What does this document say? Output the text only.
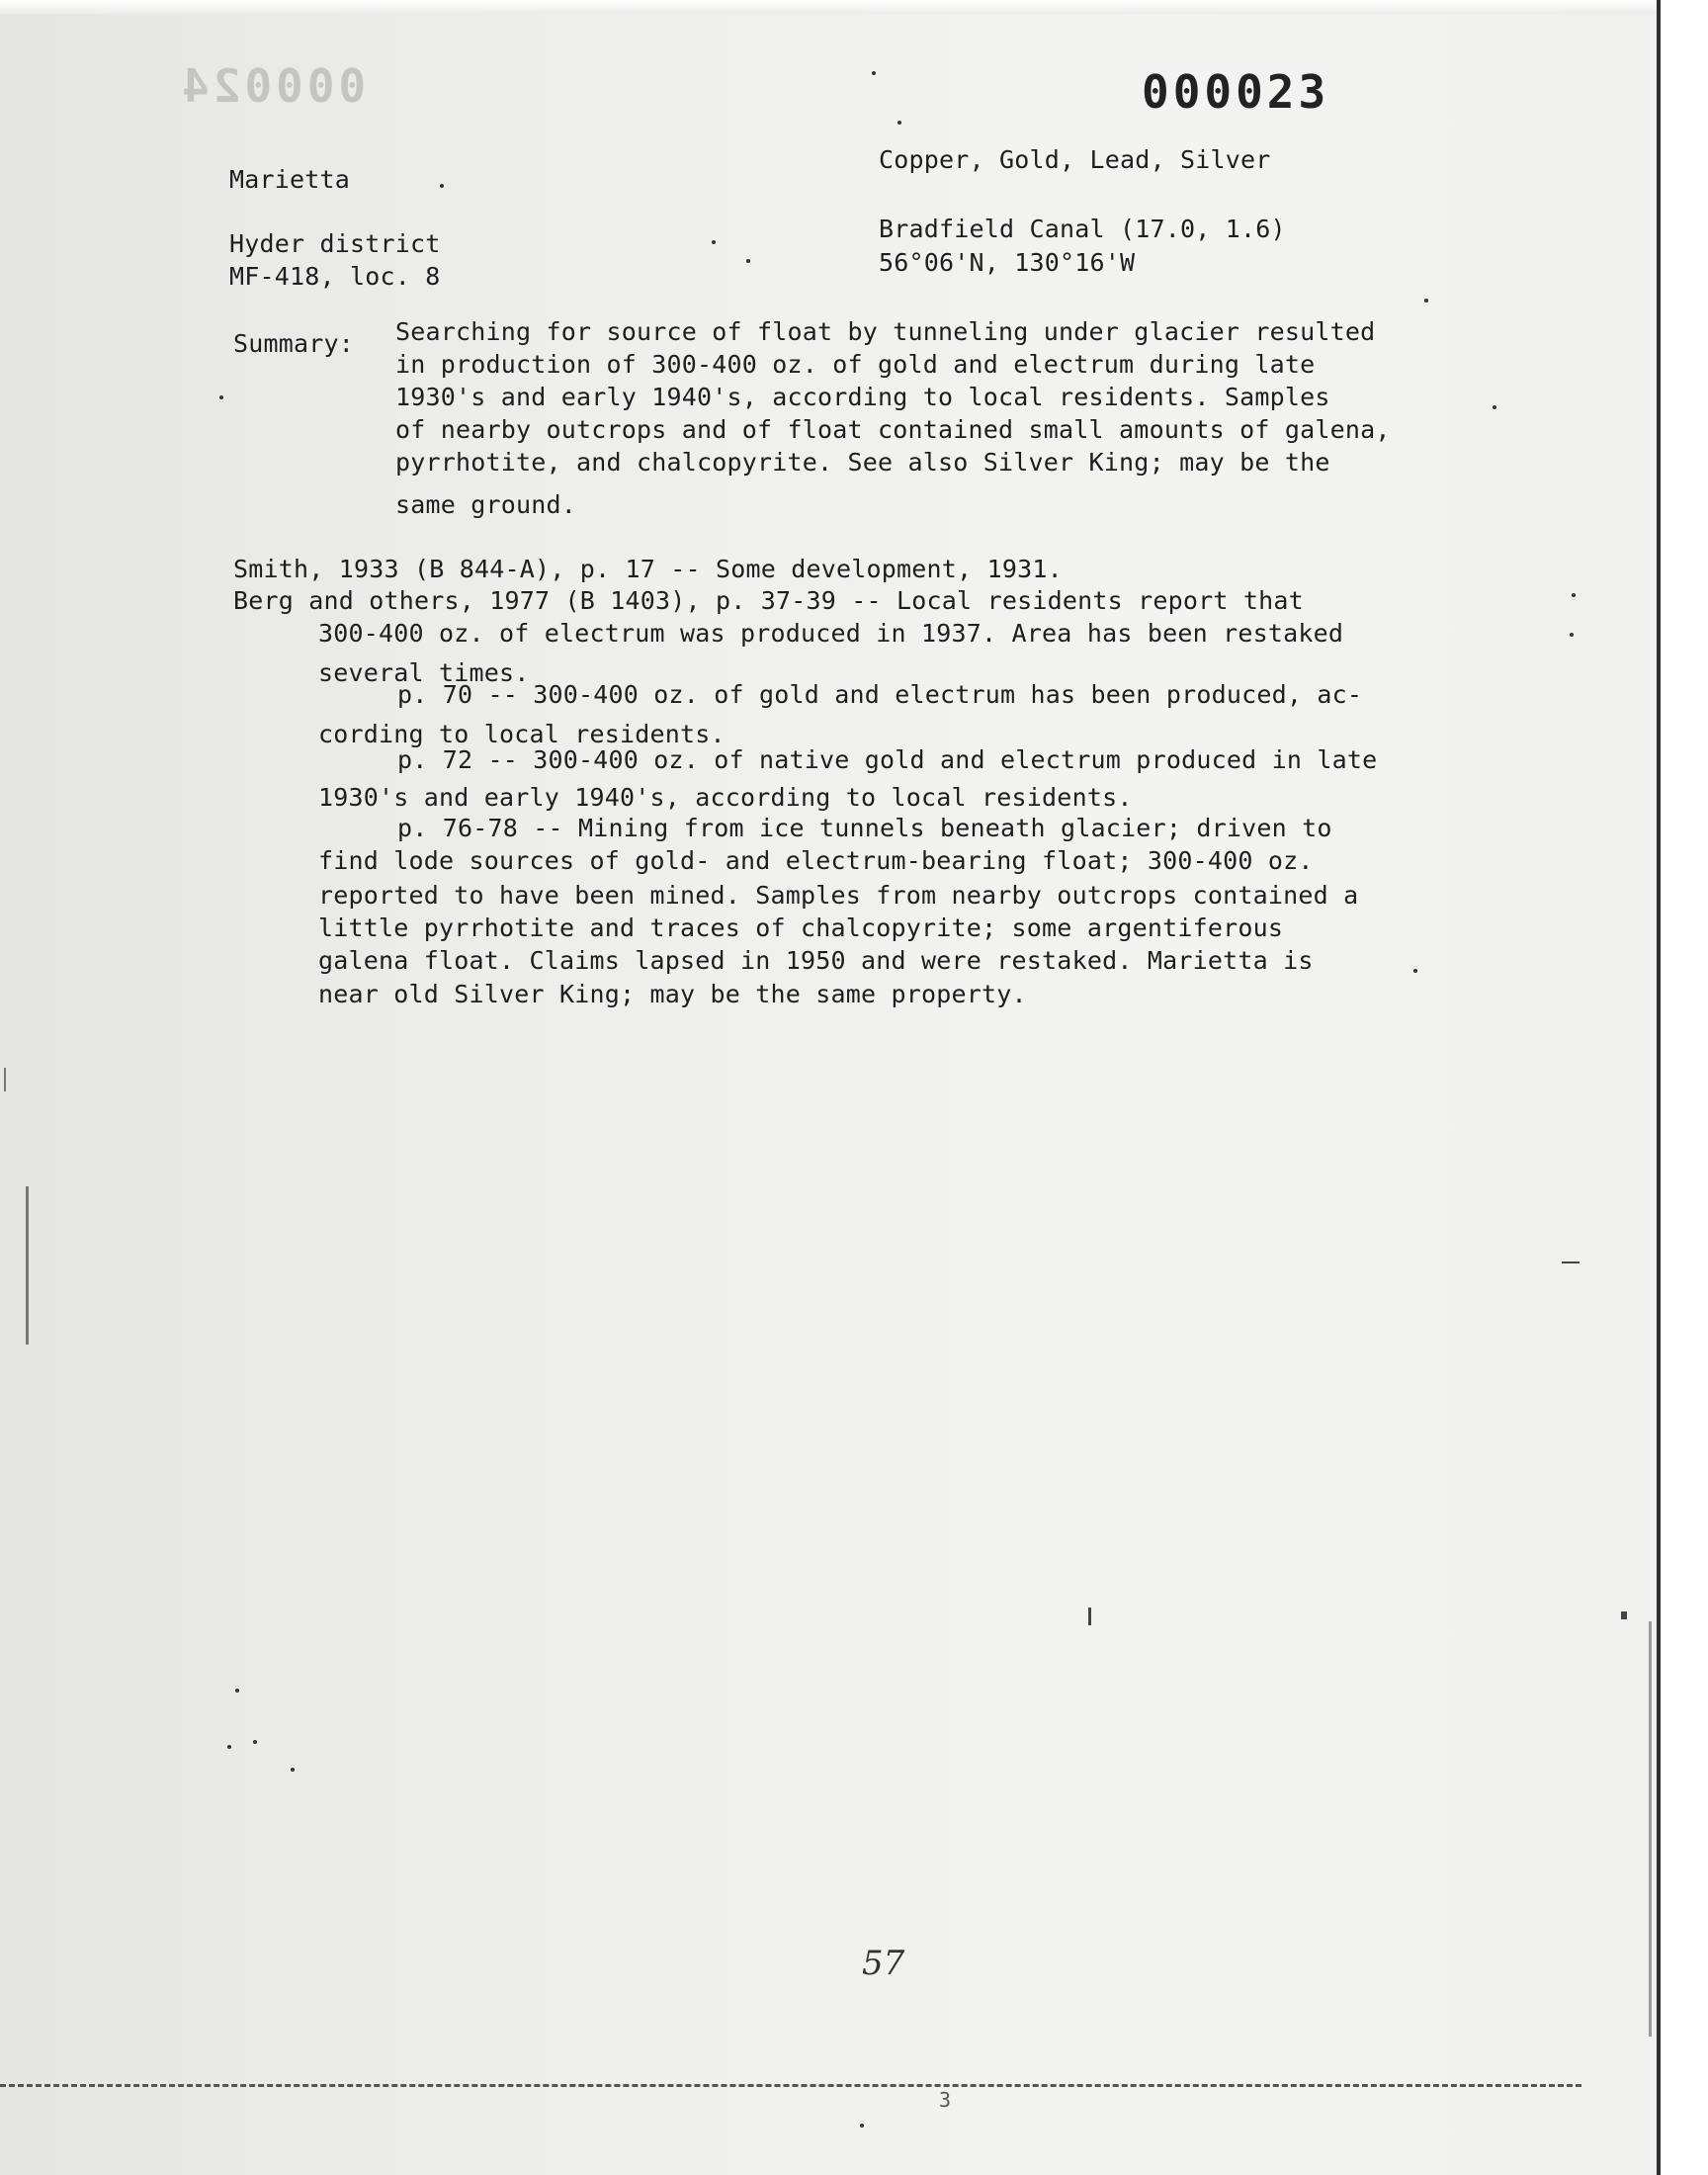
000024	000023
Marietta
Copper, Gold, Lead, Silver
Hyder district
MF-418, loc. 8
Bradfield Canal (17.0, 1.6)
56°06'N, 130°16'W
Summary: Searching for source of float by tunneling under glacier resulted
in production of 300-400 oz. of gold and electrum during late
1930's and early 1940's, according to local residents. Samples
of nearby outcrops and of float contained small amounts of galena,
pyrrhotite, and chalcopyrite. See also Silver King; may be the
same ground.
Smith, 1933 (B 844-A), p. 17 -- Some development, 1931.
Berg and others, 1977 (B 1403), p. 37-39 -- Local residents report that
300-400 oz. of electrum was produced in 1937. Area has been restaked
several times.
p. 70 -- 300-400 oz. of gold and electrum has been produced, ac-
cording to local residents.
p. 72 -- 300-400 oz. of native gold and electrum produced in late
1930's and early 1940's, according to local residents.
p. 76-78 -- Mining from ice tunnels beneath glacier; driven to
find lode sources of gold- and electrum-bearing float; 300-400 oz.
reported to have been mined. Samples from nearby outcrops contained a
little pyrrhotite and traces of chalcopyrite; some argentiferous
galena float. Claims lapsed in 1950 and were restaked. Marietta is
near old Silver King; may be the same property.
57
3
